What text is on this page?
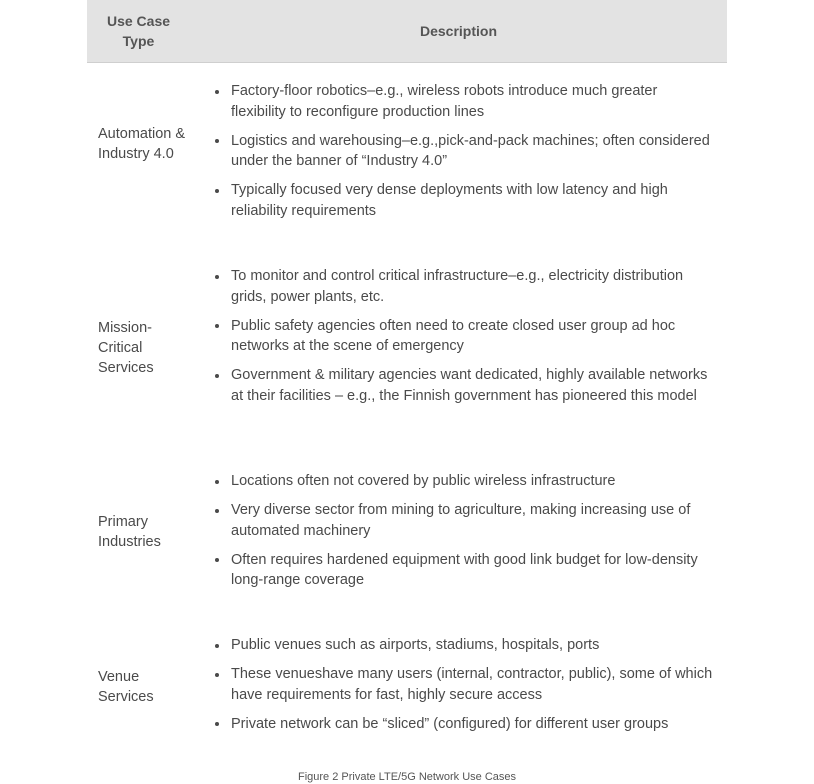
Use Case Type
Description
Automation & Industry 4.0
Factory-floor robotics–e.g., wireless robots introduce much greater flexibility to reconfigure production lines
Logistics and warehousing–e.g.,pick-and-pack machines; often considered under the banner of “Industry 4.0”
Typically focused very dense deployments with low latency and high reliability requirements
Mission-Critical Services
To monitor and control critical infrastructure–e.g., electricity distribution grids, power plants, etc.
Public safety agencies often need to create closed user group ad hoc networks at the scene of emergency
Government & military agencies want dedicated, highly available networks at their facilities – e.g., the Finnish government has pioneered this model
Primary Industries
Locations often not covered by public wireless infrastructure
Very diverse sector from mining to agriculture, making increasing use of automated machinery
Often requires hardened equipment with good link budget for low-density long-range coverage
Venue Services
Public venues such as airports, stadiums, hospitals, ports
These venueshave many users (internal, contractor, public), some of which have requirements for fast, highly secure access
Private network can be “sliced” (configured) for different user groups
Figure 2 Private LTE/5G Network Use Cases
